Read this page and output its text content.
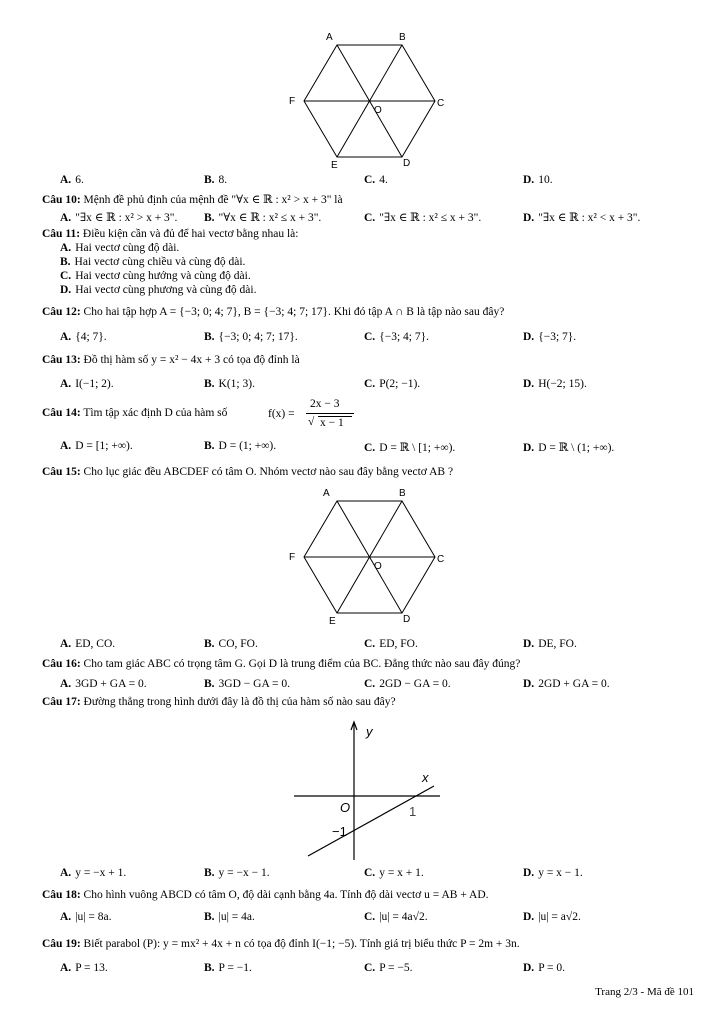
A	B
C
D
E
F
O
A. 6.	B. 8.	C. 4.	D. 10.
Câu 10: Mệnh đề phủ định của mệnh đề "∀x ∈ ℝ : x² > x + 3" là
A. "∃x ∈ ℝ : x² > x + 3". B. "∀x ∈ ℝ : x² ≤ x + 3".	C. "∃x ∈ ℝ : x² ≤ x + 3".	D. "∃x ∈ ℝ : x² < x + 3".
Câu 11: Điều kiện cần và đủ để hai vectơ bằng nhau là:
A. Hai vectơ cùng độ dài.
B. Hai vectơ cùng chiều và cùng độ dài.
C. Hai vectơ cùng hướng và cùng độ dài.
D. Hai vectơ cùng phương và cùng độ dài.
Câu 12: Cho hai tập hợp A = {−3; 0; 4; 7}, B = {−3; 4; 7; 17}. Khi đó tập A ∩ B là tập nào sau đây?
A. {4; 7}.	B. {−3; 0; 4; 7; 17}.	C. {−3; 4; 7}.	D. {−3; 7}.
Câu 13: Đồ thị hàm số y = x² − 4x + 3 có tọa độ đỉnh là
A. I(−1; 2).	B. K(1; 3).	C. P(2; −1).	D. H(−2; 15).
Câu 14: Tìm tập xác định D của hàm số	f(x) =
2x − 3
√ x − 1
A. D = [1; +∞).	B. D = (1; +∞).	C. D = ℝ \ [1; +∞).	D. D = ℝ \ (1; +∞).
Câu 15: Cho lục giác đều ABCDEF có tâm O. Nhóm vectơ nào sau đây bằng vectơ AB ?
A	B
C
D
E
F
O
A. ED, CO.	B. CO, FO.	C. ED, FO.	D. DE, FO.
Câu 16: Cho tam giác ABC có trọng tâm G. Gọi D là trung điểm của BC. Đẳng thức nào sau đây đúng?
A. 3GD + GA = 0.	B. 3GD − GA = 0.	C. 2GD − GA = 0.	D. 2GD + GA = 0.
Câu 17: Đường thẳng trong hình dưới đây là đồ thị của hàm số nào sau đây?
y
x
O	1
−1
A. y = −x + 1.	B. y = −x − 1.	C. y = x + 1.	D. y = x − 1.
Câu 18: Cho hình vuông ABCD có tâm O, độ dài cạnh bằng 4a. Tính độ dài vectơ u = AB + AD.
A. |u| = 8a.	B. |u| = 4a.	C. |u| = 4a√2.	D. |u| = a√2.
Câu 19: Biết parabol (P): y = mx² + 4x + n có tọa độ đỉnh I(−1; −5). Tính giá trị biểu thức P = 2m + 3n.
A. P = 13.	B. P = −1.	C. P = −5.	D. P = 0.
Trang 2/3 - Mã đề 101
